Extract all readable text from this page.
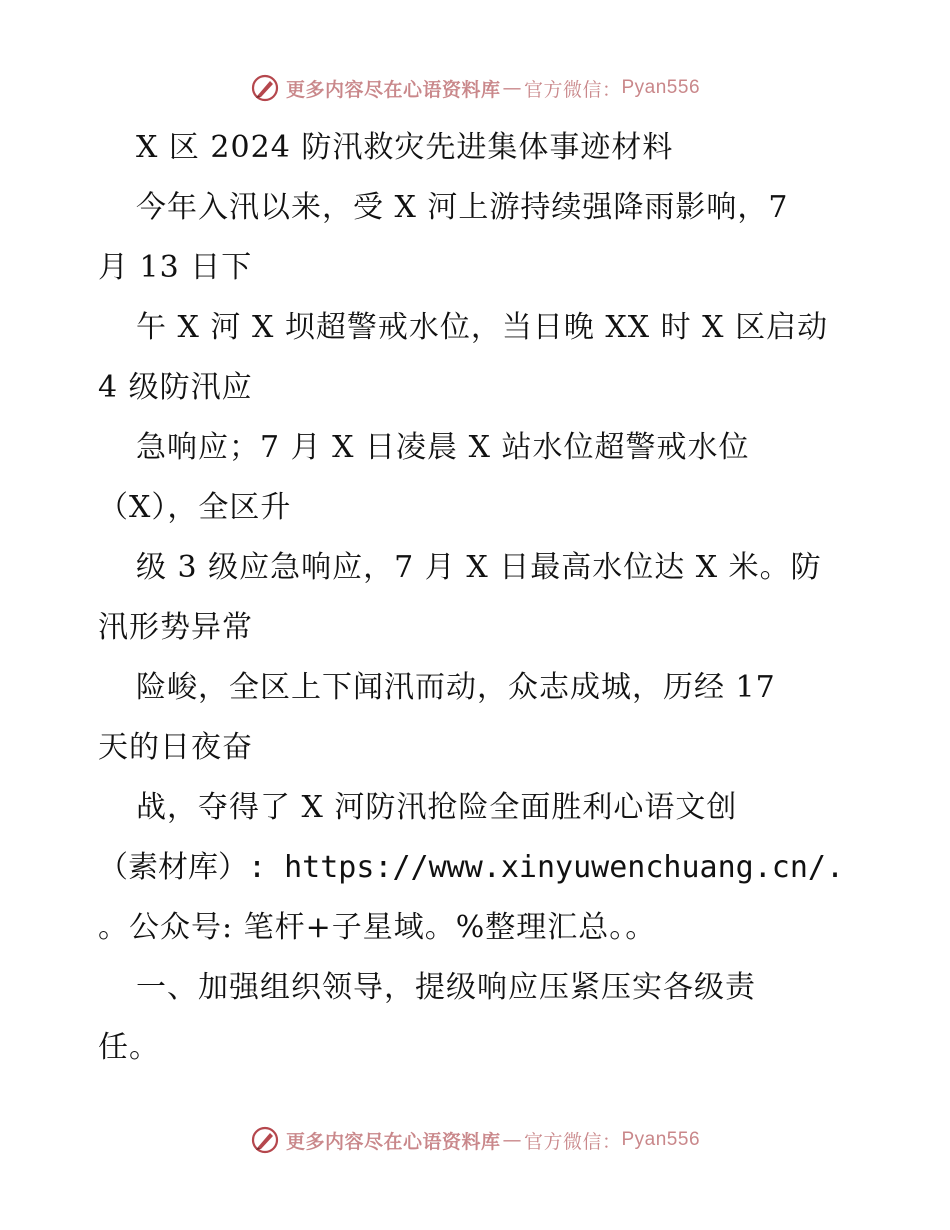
更多内容尽在心语资料库 — 官方微信： Pyan556
X 区 2024 防汛救灾先进集体事迹材料
今年入汛以来，受 X 河上游持续强降雨影响，7
月 13 日下
午 X 河 X 坝超警戒水位，当日晚 XX 时 X 区启动
4 级防汛应
急响应；7 月 X 日凌晨 X 站水位超警戒水位
（X），全区升
级 3 级应急响应，7 月 X 日最高水位达 X 米。防
汛形势异常
险峻，全区上下闻汛而动，众志成城，历经 17
天的日夜奋
战，夺得了 X 河防汛抢险全面胜利心语文创
（素材库）: https://www.xinyuwenchuang.cn/.
。公众号: 笔杆+子星域。%整理汇总。。
一、加强组织领导，提级响应压紧压实各级责
任。
更多内容尽在心语资料库 — 官方微信： Pyan556
